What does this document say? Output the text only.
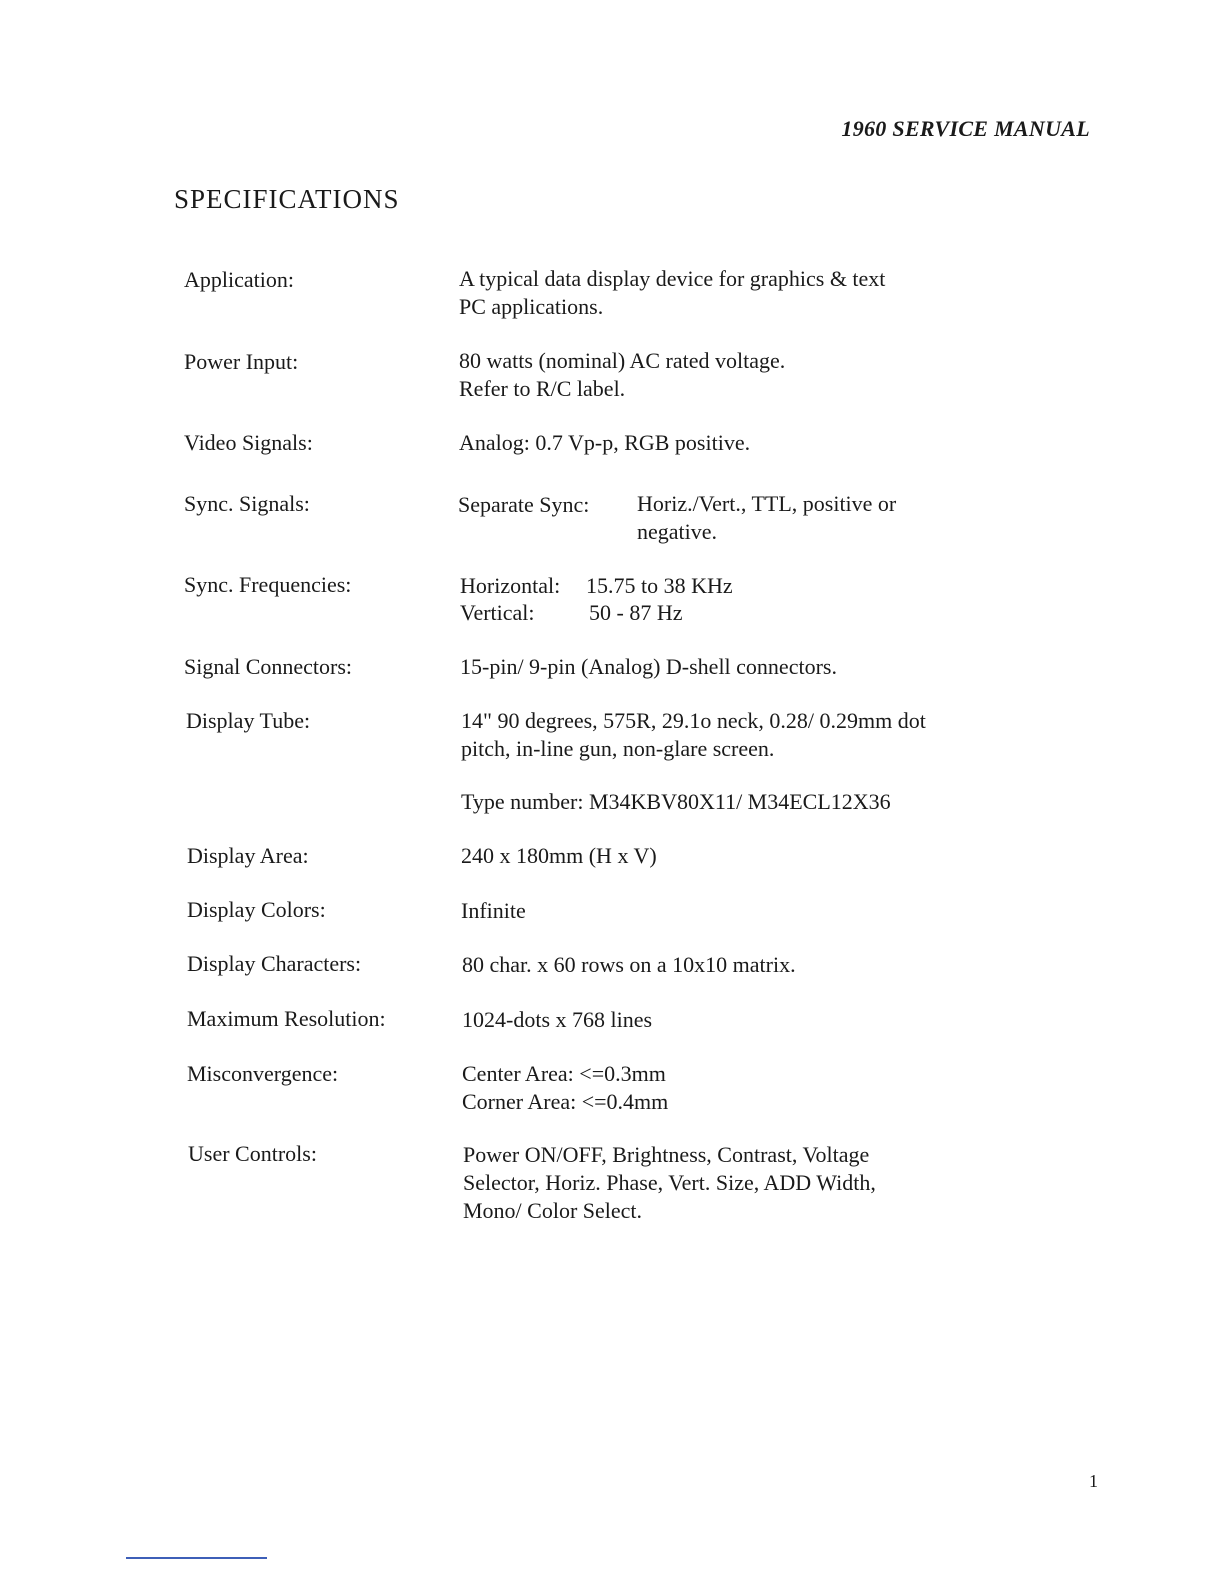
1960 SERVICE MANUAL
SPECIFICATIONS
Application:	A typical data display device for graphics & text
PC applications.
Power Input:	80 watts (nominal) AC rated voltage.
Refer to R/C label.
Video Signals:	Analog: 0.7 Vp-p, RGB positive.
Sync. Signals:	Separate Sync: Horiz./Vert., TTL, positive or
negative.
Sync. Frequencies:	Horizontal: 15.75 to 38 KHz
Vertical: 50 - 87 Hz
Signal Connectors:	15-pin/ 9-pin (Analog) D-shell connectors.
Display Tube:	14" 90 degrees, 575R, 29.1o neck, 0.28/ 0.29mm dot
pitch, in-line gun, non-glare screen.
Type number: M34KBV80X11/ M34ECL12X36
Display Area:	240 x 180mm (H x V)
Display Colors:	Infinite
Display Characters:	80 char. x 60 rows on a 10x10 matrix.
Maximum Resolution:	1024-dots x 768 lines
Misconvergence:	Center Area: <=0.3mm
Corner Area: <=0.4mm
User Controls:	Power ON/OFF, Brightness, Contrast, Voltage
Selector, Horiz. Phase, Vert. Size, ADD Width,
Mono/ Color Select.
1
